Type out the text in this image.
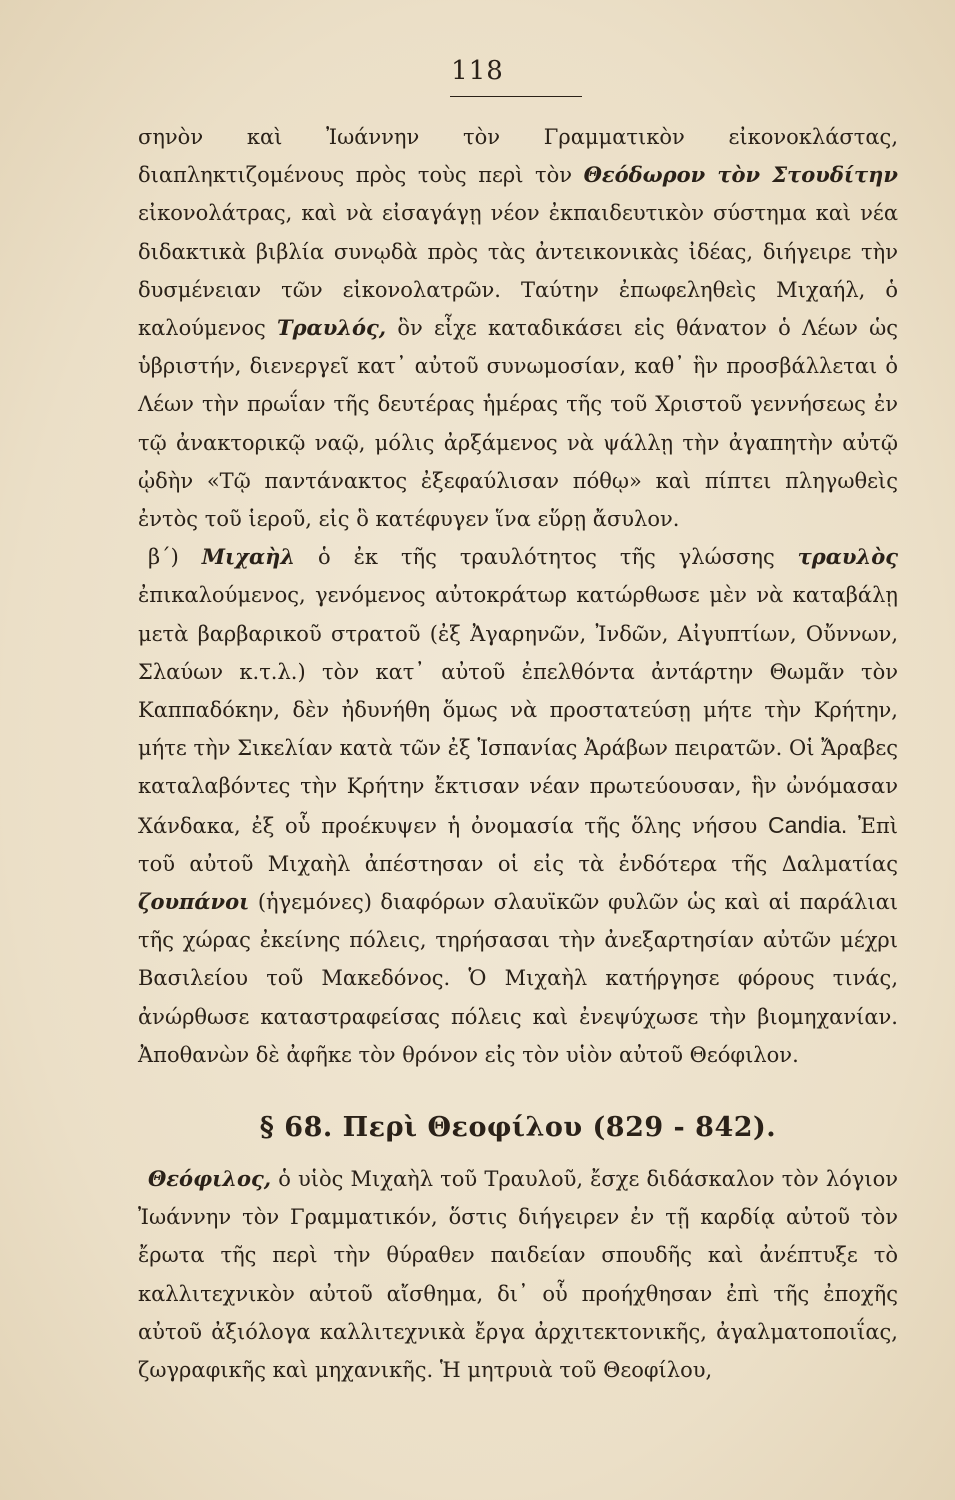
118

σηνὸν καὶ Ἰωάννην τὸν Γραμματικὸν εἰκονοκλάστας, διαπληκτιζομένους πρὸς τοὺς περὶ τὸν Θεόδωρον τὸν Στουδίτην εἰκονολάτρας, καὶ νὰ εἰσαγάγῃ νέον ἐκπαιδευτικὸν σύστημα καὶ νέα διδακτικὰ βιβλία συνῳδὰ πρὸς τὰς ἀντεικονικὰς ἰδέας, διήγειρε τὴν δυσμένειαν τῶν εἰκονολατρῶν. Ταύτην ἐπωφεληθεὶς Μιχαήλ, ὁ καλούμενος Τραυλός, ὃν εἶχε καταδικάσει εἰς θάνατον ὁ Λέων ὡς ὑβριστήν, διενεργεῖ κατ᾿ αὐτοῦ συνωμοσίαν, καθ᾿ ἣν προσβάλλεται ὁ Λέων τὴν πρωΐαν τῆς δευτέρας ἡμέρας τῆς τοῦ Χριστοῦ γεννήσεως ἐν τῷ ἀνακτορικῷ ναῷ, μόλις ἀρξάμενος νὰ ψάλλῃ τὴν ἀγαπητὴν αὐτῷ ᾠδὴν «Τῷ παντάνακτος ἐξεφαύλισαν πόθῳ» καὶ πίπτει πληγωθεὶς ἐντὸς τοῦ ἱεροῦ, εἰς ὃ κατέφυγεν ἵνα εὕρῃ ἄσυλον.

β´) Μιχαὴλ ὁ ἐκ τῆς τραυλότητος τῆς γλώσσης τραυλὸς ἐπικαλούμενος, γενόμενος αὐτοκράτωρ κατώρθωσε μὲν νὰ καταβάλῃ μετὰ βαρβαρικοῦ στρατοῦ (ἐξ Ἀγαρηνῶν, Ἰνδῶν, Αἰγυπτίων, Οὔννων, Σλαύων κ.τ.λ.) τὸν κατ᾿ αὐτοῦ ἐπελθόντα ἀντάρτην Θωμᾶν τὸν Καππαδόκην, δὲν ἠδυνήθη ὅμως νὰ προστατεύσῃ μήτε τὴν Κρήτην, μήτε τὴν Σικελίαν κατὰ τῶν ἐξ Ἱσπανίας Ἀράβων πειρατῶν. Οἱ Ἄραβες καταλαβόντες τὴν Κρήτην ἔκτισαν νέαν πρωτεύουσαν, ἣν ὠνόμασαν Χάνδακα, ἐξ οὗ προέκυψεν ἡ ὀνομασία τῆς ὅλης νήσου Candia. Ἐπὶ τοῦ αὐτοῦ Μιχαὴλ ἀπέστησαν οἱ εἰς τὰ ἐνδότερα τῆς Δαλματίας ζουπάνοι (ἡγεμόνες) διαφόρων σλαυϊκῶν φυλῶν ὡς καὶ αἱ παράλιαι τῆς χώρας ἐκείνης πόλεις, τηρήσασαι τὴν ἀνεξαρτησίαν αὐτῶν μέχρι Βασιλείου τοῦ Μακεδόνος. Ὁ Μιχαὴλ κατήργησε φόρους τινάς, ἀνώρθωσε καταστραφείσας πόλεις καὶ ἐνεψύχωσε τὴν βιομηχανίαν. Ἀποθανὼν δὲ ἀφῆκε τὸν θρόνον εἰς τὸν υἱὸν αὐτοῦ Θεόφιλον.

§ 68. Περὶ Θεοφίλου (829 - 842).

Θεόφιλος, ὁ υἱὸς Μιχαὴλ τοῦ Τραυλοῦ, ἔσχε διδάσκαλον τὸν λόγιον Ἰωάννην τὸν Γραμματικόν, ὅστις διήγειρεν ἐν τῇ καρδίᾳ αὐτοῦ τὸν ἔρωτα τῆς περὶ τὴν θύραθεν παιδείαν σπουδῆς καὶ ἀνέπτυξε τὸ καλλιτεχνικὸν αὐτοῦ αἴσθημα, δι᾿ οὗ προήχθησαν ἐπὶ τῆς ἐποχῆς αὐτοῦ ἀξιόλογα καλλιτεχνικὰ ἔργα ἀρχιτεκτονικῆς, ἀγαλματοποιΐας, ζωγραφικῆς καὶ μηχανικῆς. Ἡ μητρυιὰ τοῦ Θεοφίλου,
